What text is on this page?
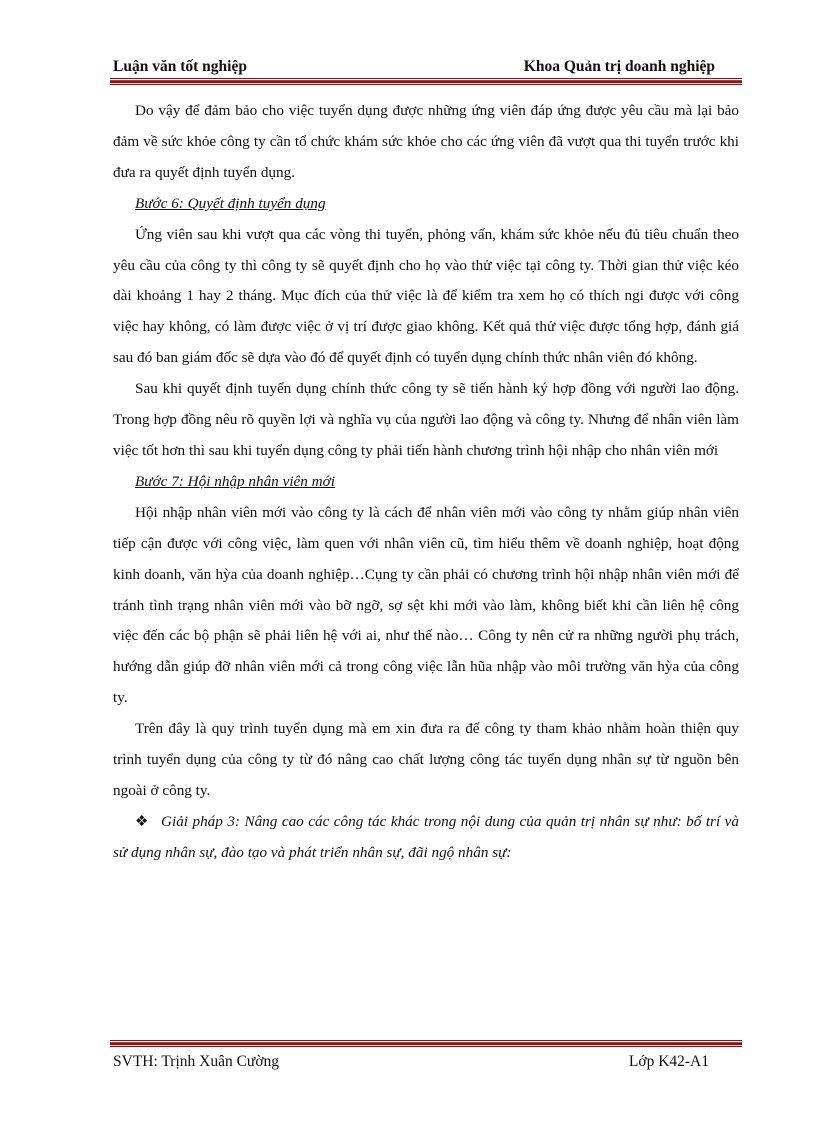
Luận văn tốt nghiệp	Khoa Quản trị doanh nghiệp

Do vậy để đảm bảo cho việc tuyển dụng được những ứng viên đáp ứng được yêu cầu mà lại bảo đảm về sức khỏe công ty cần tổ chức khám sức khỏe cho các ứng viên đã vượt qua thi tuyển trước khi đưa ra quyết định tuyển dụng.

Bước 6: Quyết định tuyển dụng

Ứng viên sau khi vượt qua các vòng thi tuyển, phỏng vấn, khám sức khỏe nếu đủ tiêu chuẩn theo yêu cầu của công ty thì công ty sẽ quyết định cho họ vào thử việc tại công ty. Thời gian thử việc kéo dài khoảng 1 hay 2 tháng. Mục đích của thử việc là để kiểm tra xem họ có thích ngi được với công việc hay không, có làm được việc ở vị trí được giao không. Kết quả thử việc được tổng hợp, đánh giá sau đó ban giám đốc sẽ dựa vào đó để quyết định có tuyển dụng chính thức nhân viên đó không.

Sau khi quyết định tuyển dụng chính thức công ty sẽ tiến hành ký hợp đồng với người lao động. Trong hợp đồng nêu rõ quyền lợi và nghĩa vụ của người lao động và công ty. Nhưng để nhân viên làm việc tốt hơn thì sau khi tuyển dụng công ty phải tiến hành chương trình hội nhập cho nhân viên mới

Bước 7: Hội nhập nhân viên mới

Hội nhập nhân viên mới vào công ty là cách để nhân viên mới vào công ty nhằm giúp nhân viên tiếp cận được với công việc, làm quen với nhân viên cũ, tìm hiểu thêm về doanh nghiệp, hoạt động kinh doanh, văn hỳa của doanh nghiệp…Cụng ty cần phải có chương trình hội nhập nhân viên mới để tránh tình trạng nhân viên mới vào bỡ ngỡ, sợ sệt khi mới vào làm, không biết khi cần liên hệ công việc đến các bộ phận sẽ phải liên hệ với ai, như thế nào… Công ty nên cử ra những người phụ trách, hướng dẫn giúp đỡ nhân viên mới cả trong công việc lẫn hũa nhập vào môi trường văn hỳa của công ty.

Trên đây là quy trình tuyển dụng mà em xin đưa ra để công ty tham khảo nhằm hoàn thiện quy trình tuyển dụng của công ty từ đó nâng cao chất lượng công tác tuyển dụng nhân sự từ nguồn bên ngoài ở công ty.

❖ Giải pháp 3: Nâng cao các công tác khác trong nội dung của quản trị nhân sự như: bố trí và sử dụng nhân sự, đào tạo và phát triển nhân sự, đãi ngộ nhân sự:

SVTH: Trịnh Xuân Cường	Lớp K42-A1
